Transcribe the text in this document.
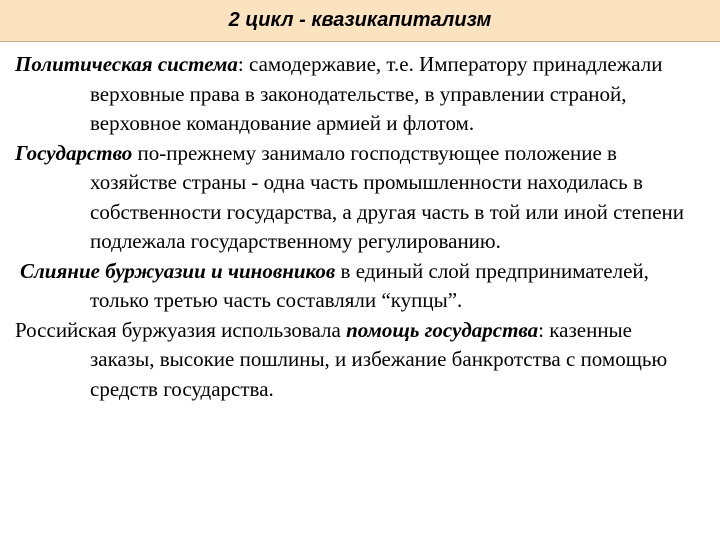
2 цикл - квазикапитализм

Политическая система: самодержавие, т.е. Императору принадлежали верховные права в законодательстве, в управлении страной, верховное командование армией и флотом.

Государство по-прежнему занимало господствующее положение в хозяйстве страны - одна часть промышленности находилась в собственности государства, а другая часть в той или иной степени подлежала государственному регулированию.

Слияние буржуазии и чиновников в единый слой предпринимателей, только третью часть составляли “купцы”.

Российская буржуазия использовала помощь государства: казенные заказы, высокие пошлины, и избежание банкротства с помощью средств государства.
